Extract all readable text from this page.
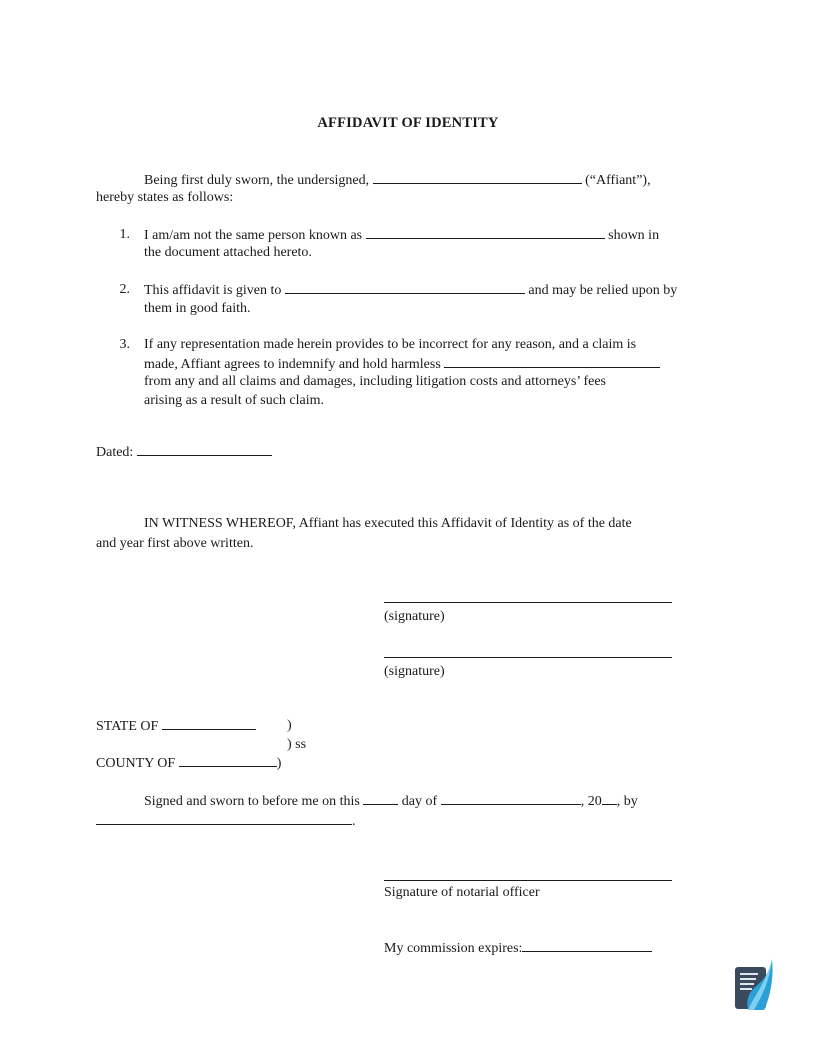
AFFIDAVIT OF IDENTITY
Being first duly sworn, the undersigned,	(“Affiant”),
hereby states as follows:
1. I am/am not the same person known as	shown in
the document attached hereto.
2. This affidavit is given to	and may be relied upon by
them in good faith.
3. If any representation made herein provides to be incorrect for any reason, and a claim is
made, Affiant agrees to indemnify and hold harmless
from any and all claims and damages, including litigation costs and attorneys’ fees
arising as a result of such claim.
Dated:
IN WITNESS WHEREOF, Affiant has executed this Affidavit of Identity as of the date
and year first above written.
(signature)
(signature)
STATE OF	)
) ss
COUNTY OF	)
Signed and sworn to before me on this	day of	, 20 , by
.
Signature of notarial officer
My commission expires:
